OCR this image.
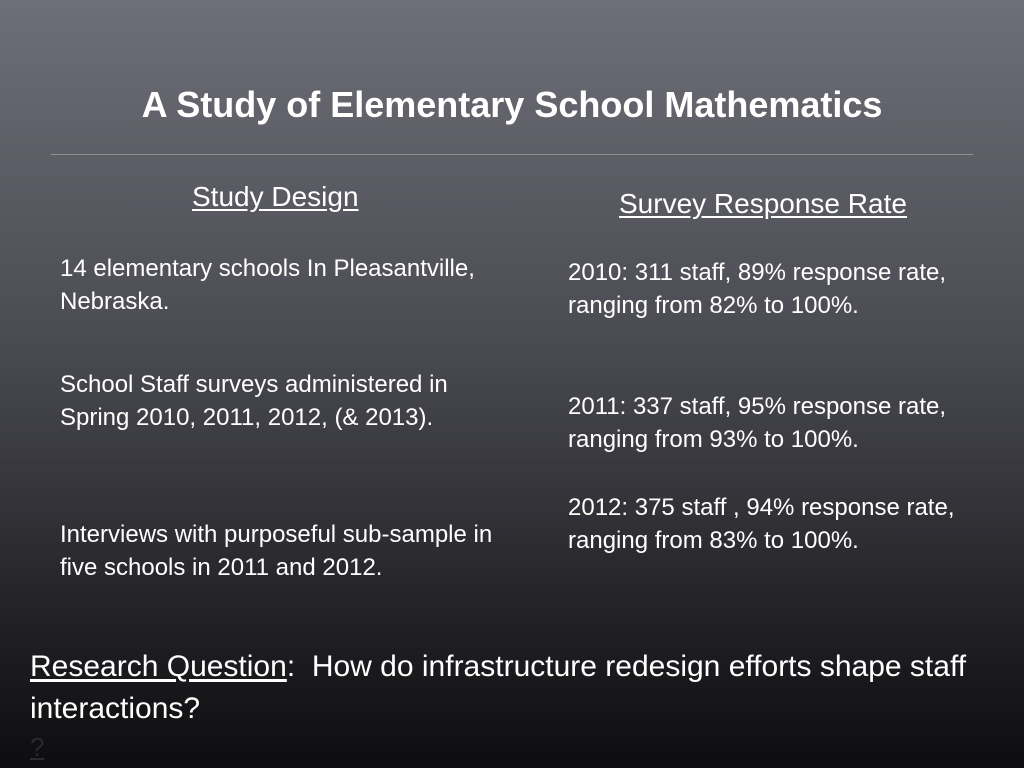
A Study of Elementary School Mathematics
Study Design	Survey Response Rate

14 elementary schools In Pleasantville, Nebraska.

School Staff surveys administered in Spring 2010, 2011, 2012, (& 2013).

Interviews with purposeful sub-sample in five schools in 2011 and 2012.

2010: 311 staff, 89% response rate, ranging from 82% to 100%.

2011: 337 staff, 95% response rate, ranging from 93% to 100%.

2012: 375 staff , 94% response rate, ranging from 83% to 100%.

Research Question: How do infrastructure redesign efforts shape staff interactions?

?
